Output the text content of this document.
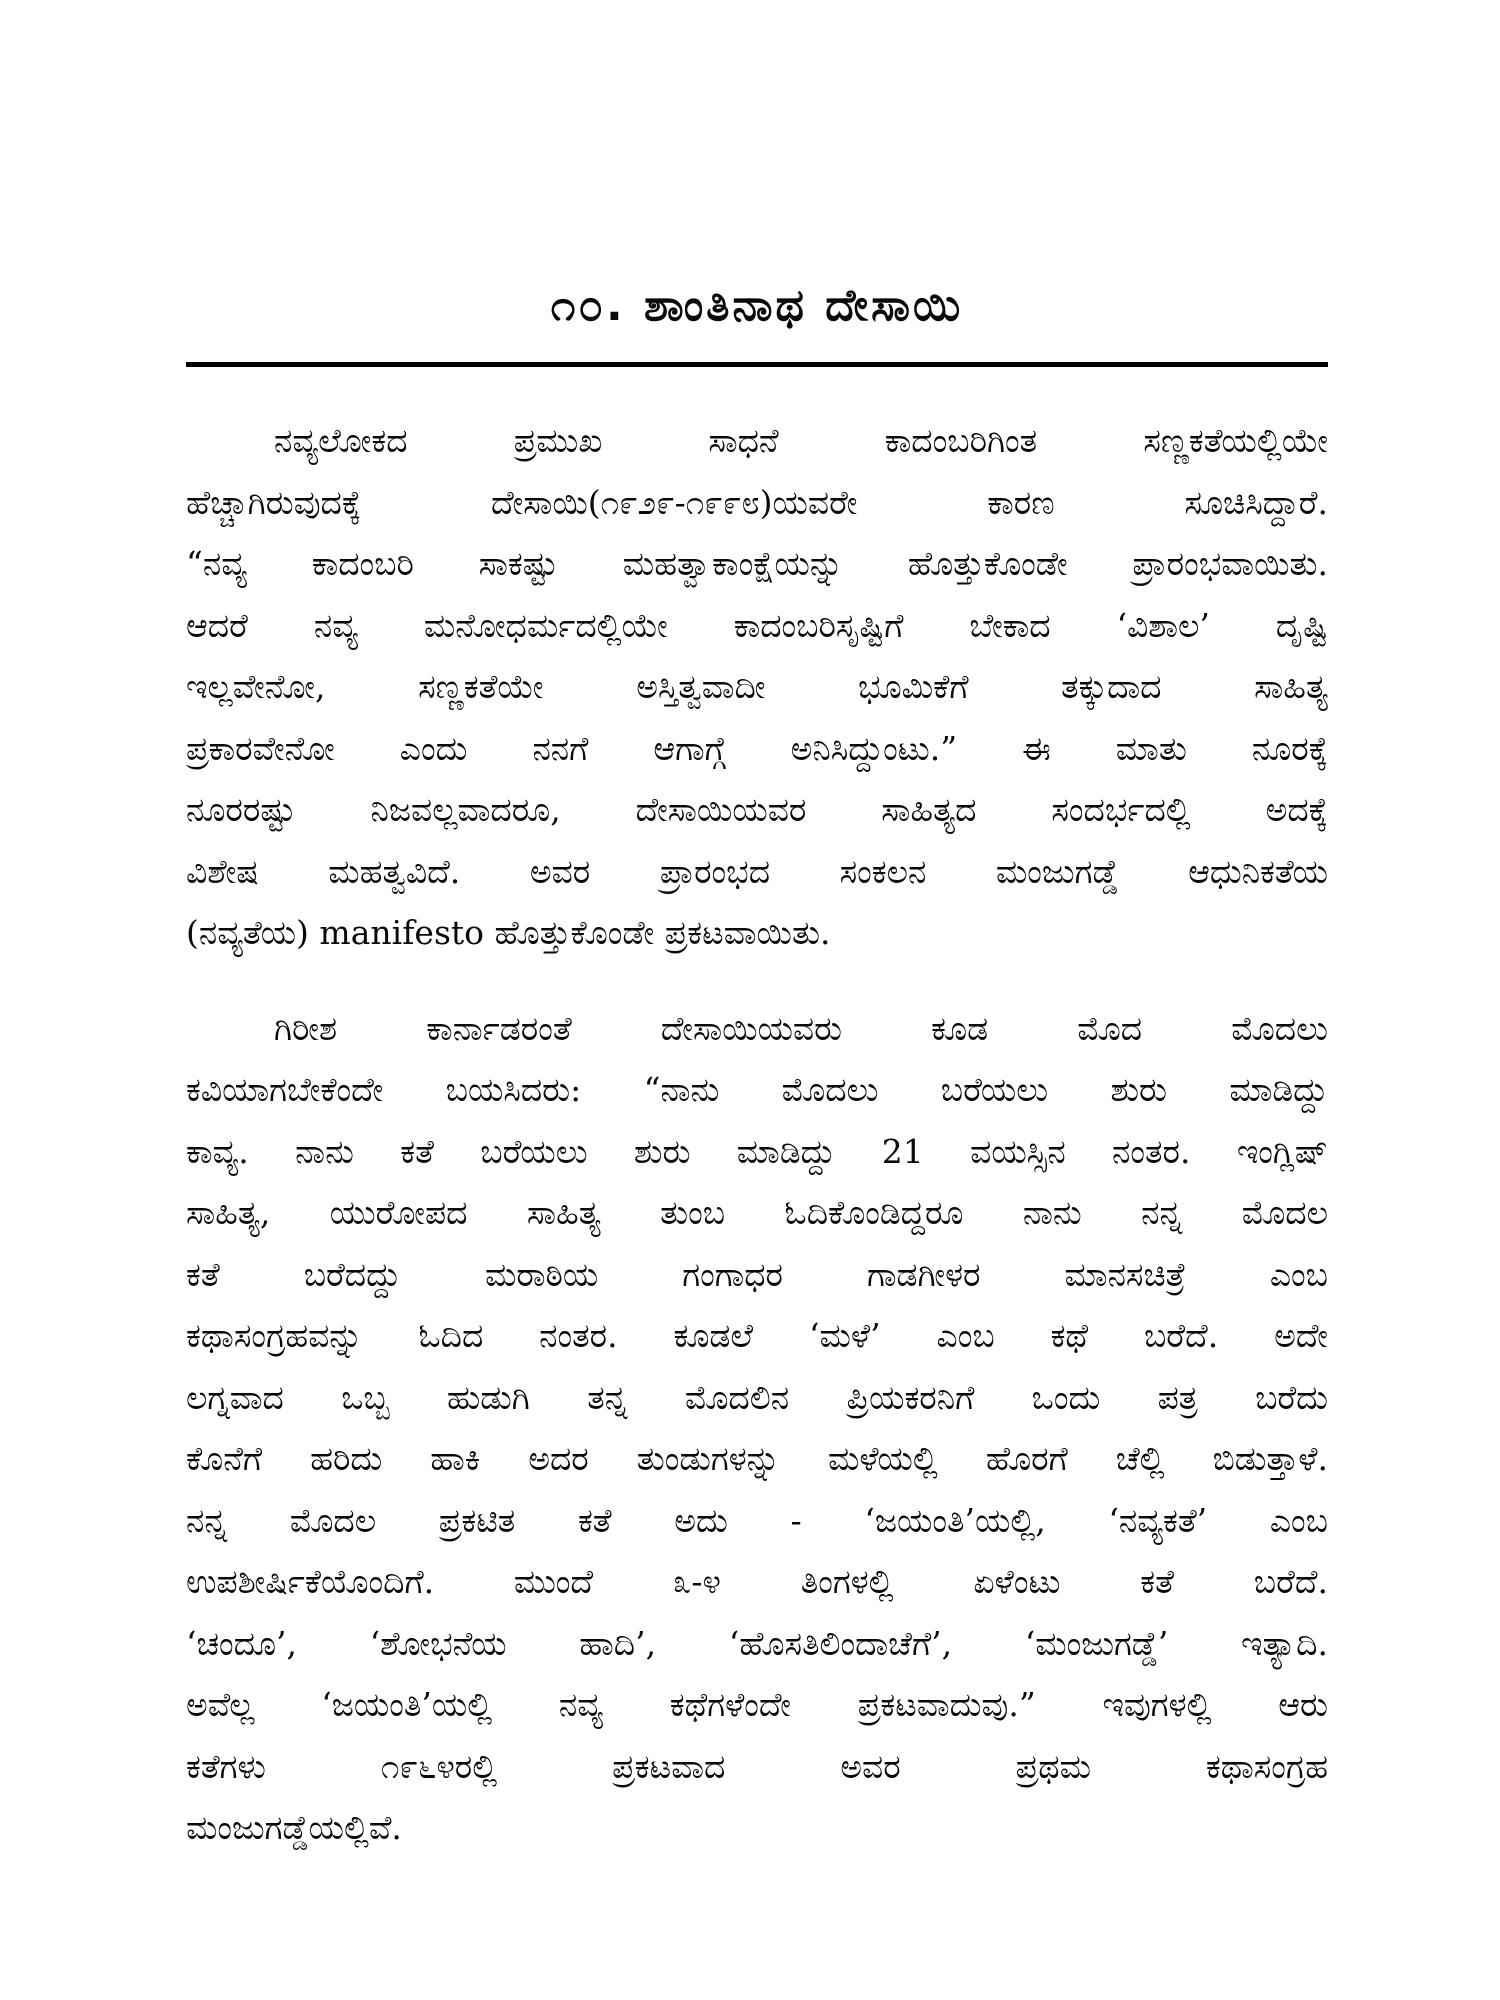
೧೦. ಶಾಂತಿನಾಥ ದೇಸಾಯಿ

ನವ್ಯಲೋಕದ ಪ್ರಮುಖ ಸಾಧನೆ ಕಾದಂಬರಿಗಿಂತ ಸಣ್ಣಕತೆಯಲ್ಲಿಯೇ

ಹೆಚ್ಚಾಗಿರುವುದಕ್ಕೆ ದೇಸಾಯಿ(೧೯೨೯-೧೯೯೮)ಯವರೇ ಕಾರಣ ಸೂಚಿಸಿದ್ದಾರೆ.

“ನವ್ಯ ಕಾದಂಬರಿ ಸಾಕಷ್ಟು ಮಹತ್ವಾಕಾಂಕ್ಷೆಯನ್ನು ಹೊತ್ತುಕೊಂಡೇ ಪ್ರಾರಂಭವಾಯಿತು.

ಆದರೆ ನವ್ಯ ಮನೋಧರ್ಮದಲ್ಲಿಯೇ ಕಾದಂಬರಿಸೃಷ್ಟಿಗೆ ಬೇಕಾದ ‘ವಿಶಾಲ’ ದೃಷ್ಟಿ

ಇಲ್ಲವೇನೋ, ಸಣ್ಣಕತೆಯೇ ಅಸ್ತಿತ್ವವಾದೀ ಭೂಮಿಕೆಗೆ ತಕ್ಕುದಾದ ಸಾಹಿತ್ಯ

ಪ್ರಕಾರವೇನೋ ಎಂದು ನನಗೆ ಆಗಾಗ್ಗೆ ಅನಿಸಿದ್ದುಂಟು.” ಈ ಮಾತು ನೂರಕ್ಕೆ

ನೂರರಷ್ಟು ನಿಜವಲ್ಲವಾದರೂ, ದೇಸಾಯಿಯವರ ಸಾಹಿತ್ಯದ ಸಂದರ್ಭದಲ್ಲಿ ಅದಕ್ಕೆ

ವಿಶೇಷ ಮಹತ್ವವಿದೆ. ಅವರ ಪ್ರಾರಂಭದ ಸಂಕಲನ ಮಂಜುಗಡ್ಡೆ ಆಧುನಿಕತೆಯ

(ನವ್ಯತೆಯ) manifesto ಹೊತ್ತುಕೊಂಡೇ ಪ್ರಕಟವಾಯಿತು.

ಗಿರೀಶ ಕಾರ್ನಾಡರಂತೆ ದೇಸಾಯಿಯವರು ಕೂಡ ಮೊದ ಮೊದಲು

ಕವಿಯಾಗಬೇಕೆಂದೇ ಬಯಸಿದರು: “ನಾನು ಮೊದಲು ಬರೆಯಲು ಶುರು ಮಾಡಿದ್ದು

ಕಾವ್ಯ. ನಾನು ಕತೆ ಬರೆಯಲು ಶುರು ಮಾಡಿದ್ದು 21 ವಯಸ್ಸಿನ ನಂತರ. ಇಂಗ್ಲಿಷ್

ಸಾಹಿತ್ಯ, ಯುರೋಪದ ಸಾಹಿತ್ಯ ತುಂಬ ಓದಿಕೊಂಡಿದ್ದರೂ ನಾನು ನನ್ನ ಮೊದಲ

ಕತೆ ಬರೆದದ್ದು ಮರಾಠಿಯ ಗಂಗಾಧರ ಗಾಡಗೀಳರ ಮಾನಸಚಿತ್ರೆ ಎಂಬ

ಕಥಾಸಂಗ್ರಹವನ್ನು ಓದಿದ ನಂತರ. ಕೂಡಲೆ ‘ಮಳೆ’ ಎಂಬ ಕಥೆ ಬರೆದೆ. ಅದೇ

ಲಗ್ನವಾದ ಒಬ್ಬ ಹುಡುಗಿ ತನ್ನ ಮೊದಲಿನ ಪ್ರಿಯಕರನಿಗೆ ಒಂದು ಪತ್ರ ಬರೆದು

ಕೊನೆಗೆ ಹರಿದು ಹಾಕಿ ಅದರ ತುಂಡುಗಳನ್ನು ಮಳೆಯಲ್ಲಿ ಹೊರಗೆ ಚೆಲ್ಲಿ ಬಿಡುತ್ತಾಳೆ.

ನನ್ನ ಮೊದಲ ಪ್ರಕಟಿತ ಕತೆ ಅದು - ‘ಜಯಂತಿ’ಯಲ್ಲಿ, ‘ನವ್ಯಕತೆ’ ಎಂಬ

ಉಪಶೀರ್ಷಿಕೆಯೊಂದಿಗೆ. ಮುಂದೆ ೩-೪ ತಿಂಗಳಲ್ಲಿ ಏಳೆಂಟು ಕತೆ ಬರೆದೆ.

‘ಚಂದೂ’, ‘ಶೋಭನೆಯ ಹಾದಿ’, ‘ಹೊಸತಿಲಿಂದಾಚೆಗೆ’, ‘ಮಂಜುಗಡ್ಡೆ’ ಇತ್ಯಾದಿ.

ಅವೆಲ್ಲ ‘ಜಯಂತಿ’ಯಲ್ಲಿ ನವ್ಯ ಕಥೆಗಳೆಂದೇ ಪ್ರಕಟವಾದುವು.” ಇವುಗಳಲ್ಲಿ ಆರು

ಕತೆಗಳು ೧೯೬೪ರಲ್ಲಿ ಪ್ರಕಟವಾದ ಅವರ ಪ್ರಥಮ ಕಥಾಸಂಗ್ರಹ

ಮಂಜುಗಡ್ಡೆಯಲ್ಲಿವೆ.
